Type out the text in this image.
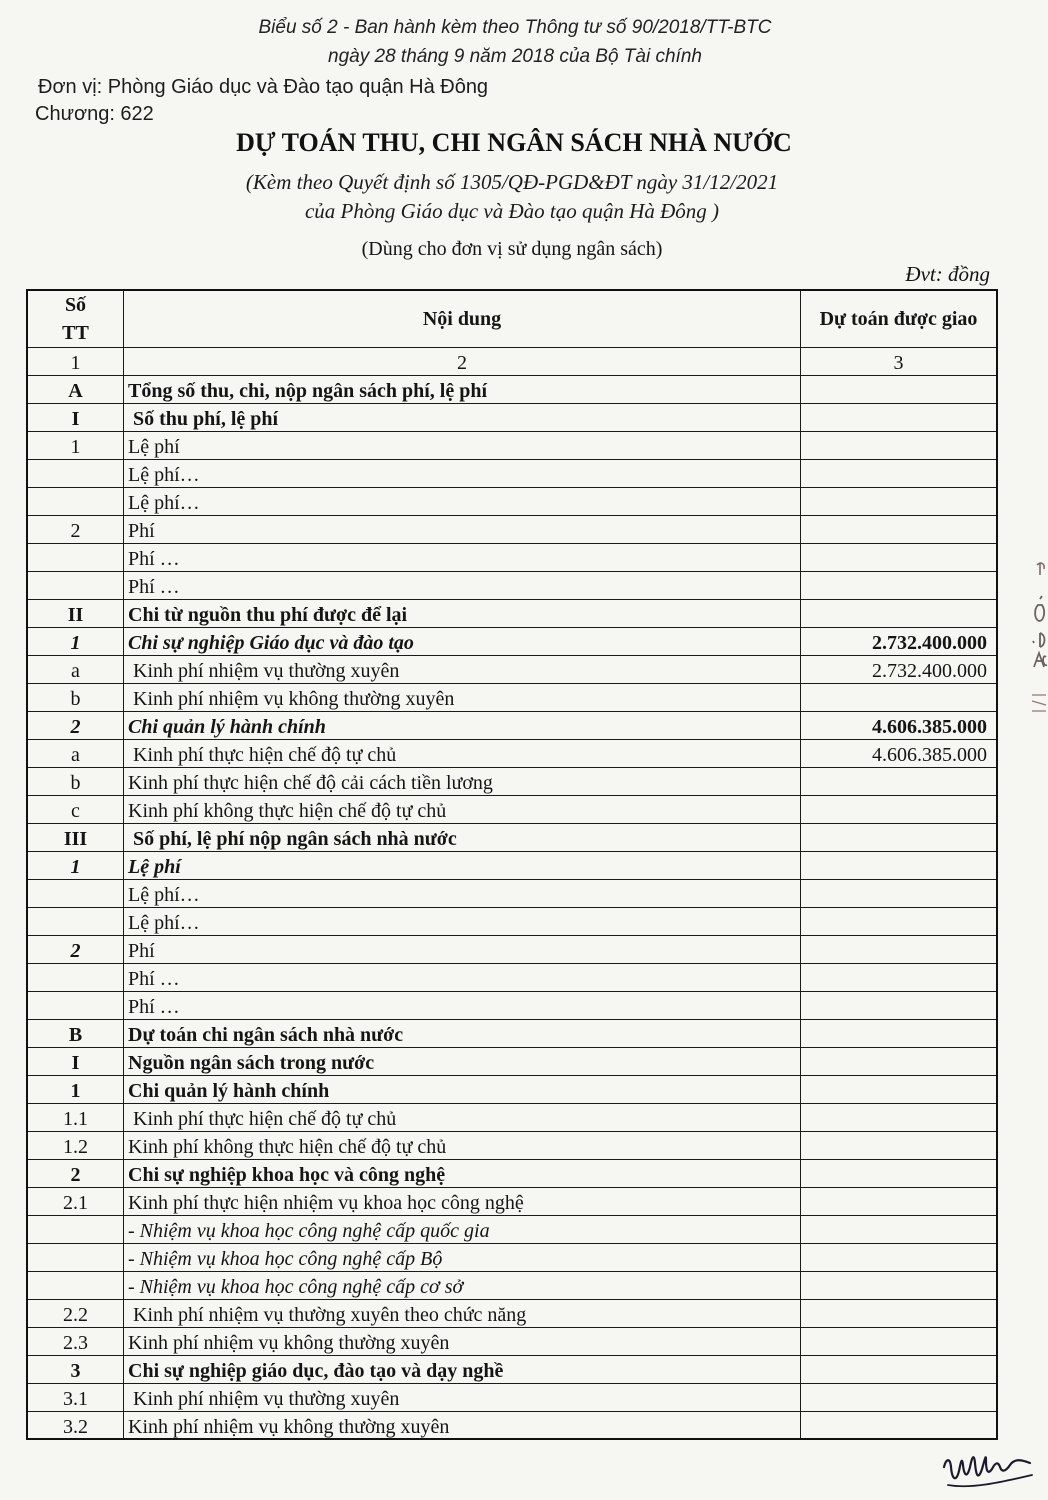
Biểu số 2 - Ban hành kèm theo Thông tư số 90/2018/TT-BTC
ngày 28 tháng 9 năm 2018 của Bộ Tài chính
Đơn vị: Phòng Giáo dục và Đào tạo quận Hà Đông
Chương: 622
DỰ TOÁN THU, CHI NGÂN SÁCH NHÀ NƯỚC
(Kèm theo Quyết định số 1305/QĐ-PGD&ĐT ngày 31/12/2021
của Phòng Giáo dục và Đào tạo quận Hà Đông )
(Dùng cho đơn vị sử dụng ngân sách)
Đvt: đồng
Số
TT
Nội dung	Dự toán được giao
1	2	3
A	Tổng số thu, chi, nộp ngân sách phí, lệ phí
I	Số thu phí, lệ phí
1	Lệ phí
Lệ phí…
Lệ phí…
2	Phí
Phí …
Phí …
II	Chi từ nguồn thu phí được để lại
1	Chi sự nghiệp Giáo dục và đào tạo	2.732.400.000
a	Kinh phí nhiệm vụ thường xuyên	2.732.400.000
b	Kinh phí nhiệm vụ không thường xuyên
2	Chi quản lý hành chính	4.606.385.000
a	Kinh phí thực hiện chế độ tự chủ	4.606.385.000
b	Kinh phí thực hiện chế độ cải cách tiền lương
c	Kinh phí không thực hiện chế độ tự chủ
III	Số phí, lệ phí nộp ngân sách nhà nước
1	Lệ phí
Lệ phí…
Lệ phí…
2	Phí
Phí …
Phí …
B	Dự toán chi ngân sách nhà nước
I	Nguồn ngân sách trong nước
1	Chi quản lý hành chính
1.1	Kinh phí thực hiện chế độ tự chủ
1.2	Kinh phí không thực hiện chế độ tự chủ
2	Chi sự nghiệp khoa học và công nghệ
2.1	Kinh phí thực hiện nhiệm vụ khoa học công nghệ
- Nhiệm vụ khoa học công nghệ cấp quốc gia
- Nhiệm vụ khoa học công nghệ cấp Bộ
- Nhiệm vụ khoa học công nghệ cấp cơ sở
2.2	Kinh phí nhiệm vụ thường xuyên theo chức năng
2.3	Kinh phí nhiệm vụ không thường xuyên
3	Chi sự nghiệp giáo dục, đào tạo và dạy nghề
3.1	Kinh phí nhiệm vụ thường xuyên
3.2	Kinh phí nhiệm vụ không thường xuyên
